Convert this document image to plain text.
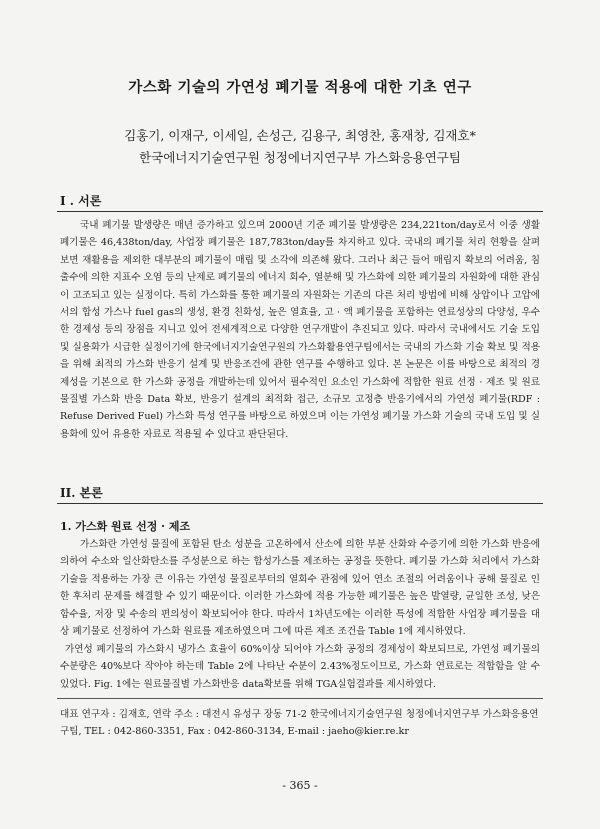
가스화 기술의 가연성 폐기물 적용에 대한 기초 연구
김홍기, 이재구, 이세일, 손성근, 김용구, 최영찬, 홍재창, 김재호*
한국에너지기술연구원 청정에너지연구부 가스화응용연구팀
I . 서론

국내 폐기물 발생량은 매년 증가하고 있으며 2000년 기준 폐기물 발생량은 234,221ton/day로서 이중 생활폐기물은 46,438ton/day, 사업장 폐기물은 187,783ton/day를 차지하고 있다. 국내의 폐기물 처리 현황을 살펴보면 재활용을 제외한 대부분의 폐기물이 매립 및 소각에 의존해 왔다. 그러나 최근 들어 매립지 확보의 어려움, 침출수에 의한 지표수 오염 등의 난제로 폐기물의 에너지 회수, 열분해 및 가스화에 의한 폐기물의 자원화에 대한 관심이 고조되고 있는 실정이다. 특히 가스화를 통한 폐기물의 자원화는 기존의 다른 처리 방법에 비해 상압이나 고압에서의 합성 가스나 fuel gas의 생성, 환경 친화성, 높은 열효율, 고 · 액 폐기물을 포함하는 연료성상의 다양성, 우수한 경제성 등의 장점을 지니고 있어 전세계적으로 다양한 연구개발이 추진되고 있다. 따라서 국내에서도 기술 도입 및 실용화가 시급한 실정이기에 한국에너지기술연구원의 가스화활용연구팀에서는 국내의 가스화 기술 확보 및 적용을 위해 최적의 가스화 반응기 설계 및 반응조건에 관한 연구를 수행하고 있다. 본 논문은 이를 바탕으로 최적의 경제성을 기본으로 한 가스화 공정을 개발하는데 있어서 필수적인 요소인 가스화에 적합한 원료 선정 · 제조 및 원료 물질별 가스화 반응 Data 확보, 반응기 설계의 최적화 접근, 소규모 고정층 반응기에서의 가연성 폐기물(RDF : Refuse Derived Fuel) 가스화 특성 연구를 바탕으로 하였으며 이는 가연성 폐기물 가스화 기술의 국내 도입 및 실용화에 있어 유용한 자료로 적용될 수 있다고 판단된다.

II. 본론
1. 가스화 원료 선정 · 제조

가스화란 가연성 물질에 포함된 탄소 성분을 고온하에서 산소에 의한 부분 산화와 수증기에 의한 가스화 반응에 의하여 수소와 일산화탄소를 주성분으로 하는 합성가스를 제조하는 공정을 뜻한다. 폐기물 가스화 처리에서 가스화 기술을 적용하는 가장 큰 이유는 가연성 물질로부터의 열회수 관점에 있어 연소 조절의 어려움이나 공해 물질로 인한 후처리 문제를 해결할 수 있기 때문이다. 이러한 가스화에 적용 가능한 폐기물은 높은 발열량, 균일한 조성, 낮은 함수율, 저장 및 수송의 편의성이 확보되어야 한다. 따라서 1차년도에는 이러한 특성에 적합한 사업장 폐기물을 대상 폐기물로 선정하여 가스화 원료를 제조하였으며 그에 따른 제조 조건을 Table 1에 제시하였다.

가연성 폐기물의 가스화시 냉가스 효율이 60%이상 되어야 가스화 공정의 경제성이 확보되므로, 가연성 폐기물의 수분량은 40%보다 작아야 하는데 Table 2에 나타난 수분이 2.43%정도이므로, 가스화 연료로는 적합함을 알 수 있었다. Fig. 1에는 원료물질별 가스화반응 data확보를 위해 TGA실험결과를 제시하였다.

대표 연구자 : 김재호, 연락 주소 : 대전시 유성구 장동 71-2 한국에너지기술연구원 청정에너지연구부 가스화응용연구팀, TEL : 042-860-3351, Fax : 042-860-3134, E-mail : jaeho@kier.re.kr

- 365 -
